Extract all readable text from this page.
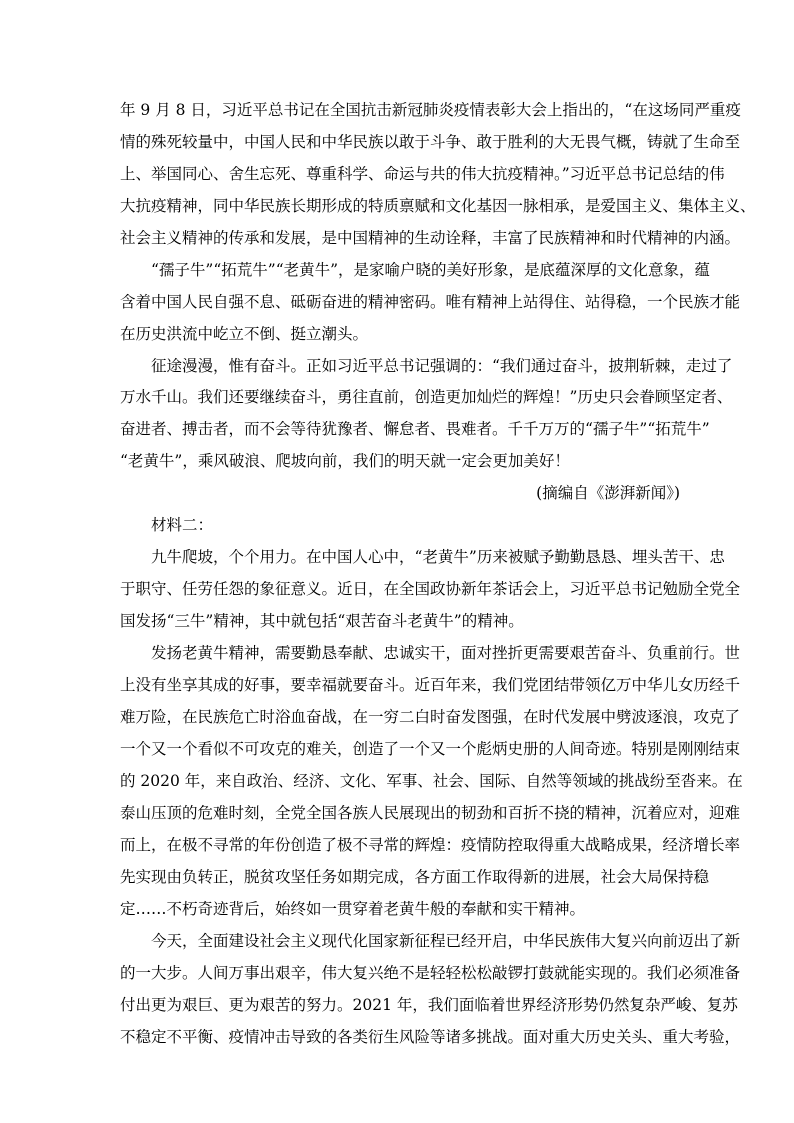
年 9 月 8 日，习近平总书记在全国抗击新冠肺炎疫情表彰大会上指出的，“在这场同严重疫
情的殊死较量中，中国人民和中华民族以敢于斗争、敢于胜利的大无畏气概，铸就了生命至
上、举国同心、舍生忘死、尊重科学、命运与共的伟大抗疫精神。”习近平总书记总结的伟
大抗疫精神，同中华民族长期形成的特质禀赋和文化基因一脉相承，是爱国主义、集体主义、
社会主义精神的传承和发展，是中国精神的生动诠释，丰富了民族精神和时代精神的内涵。
“孺子牛”“拓荒牛”“老黄牛”，是家喻户晓的美好形象，是底蕴深厚的文化意象，蕴
含着中国人民自强不息、砥砺奋进的精神密码。唯有精神上站得住、站得稳，一个民族才能
在历史洪流中屹立不倒、挺立潮头。
征途漫漫，惟有奋斗。正如习近平总书记强调的：“我们通过奋斗，披荆斩棘，走过了
万水千山。我们还要继续奋斗，勇往直前，创造更加灿烂的辉煌！”历史只会眷顾坚定者、
奋进者、搏击者，而不会等待犹豫者、懈怠者、畏难者。千千万万的“孺子牛”“拓荒牛”
“老黄牛”，乘风破浪、爬坡向前，我们的明天就一定会更加美好！
(摘编自《澎湃新闻》)
材料二：
九牛爬坡，个个用力。在中国人心中，“老黄牛”历来被赋予勤勤恳恳、埋头苦干、忠
于职守、任劳任怨的象征意义。近日，在全国政协新年茶话会上，习近平总书记勉励全党全
国发扬“三牛”精神，其中就包括“艰苦奋斗老黄牛”的精神。
发扬老黄牛精神，需要勤恳奉献、忠诚实干，面对挫折更需要艰苦奋斗、负重前行。世
上没有坐享其成的好事，要幸福就要奋斗。近百年来，我们党团结带领亿万中华儿女历经千
难万险，在民族危亡时浴血奋战，在一穷二白时奋发图强，在时代发展中劈波逐浪，攻克了
一个又一个看似不可攻克的难关，创造了一个又一个彪炳史册的人间奇迹。特别是刚刚结束
的 2020 年，来自政治、经济、文化、军事、社会、国际、自然等领域的挑战纷至沓来。在
泰山压顶的危难时刻，全党全国各族人民展现出的韧劲和百折不挠的精神，沉着应对，迎难
而上，在极不寻常的年份创造了极不寻常的辉煌：疫情防控取得重大战略成果，经济增长率
先实现由负转正，脱贫攻坚任务如期完成，各方面工作取得新的进展，社会大局保持稳
定……不朽奇迹背后，始终如一贯穿着老黄牛般的奉献和实干精神。
今天，全面建设社会主义现代化国家新征程已经开启，中华民族伟大复兴向前迈出了新
的一大步。人间万事出艰辛，伟大复兴绝不是轻轻松松敲锣打鼓就能实现的。我们必须准备
付出更为艰巨、更为艰苦的努力。2021 年，我们面临着世界经济形势仍然复杂严峻、复苏
不稳定不平衡、疫情冲击导致的各类衍生风险等诸多挑战。面对重大历史关头、重大考验，
